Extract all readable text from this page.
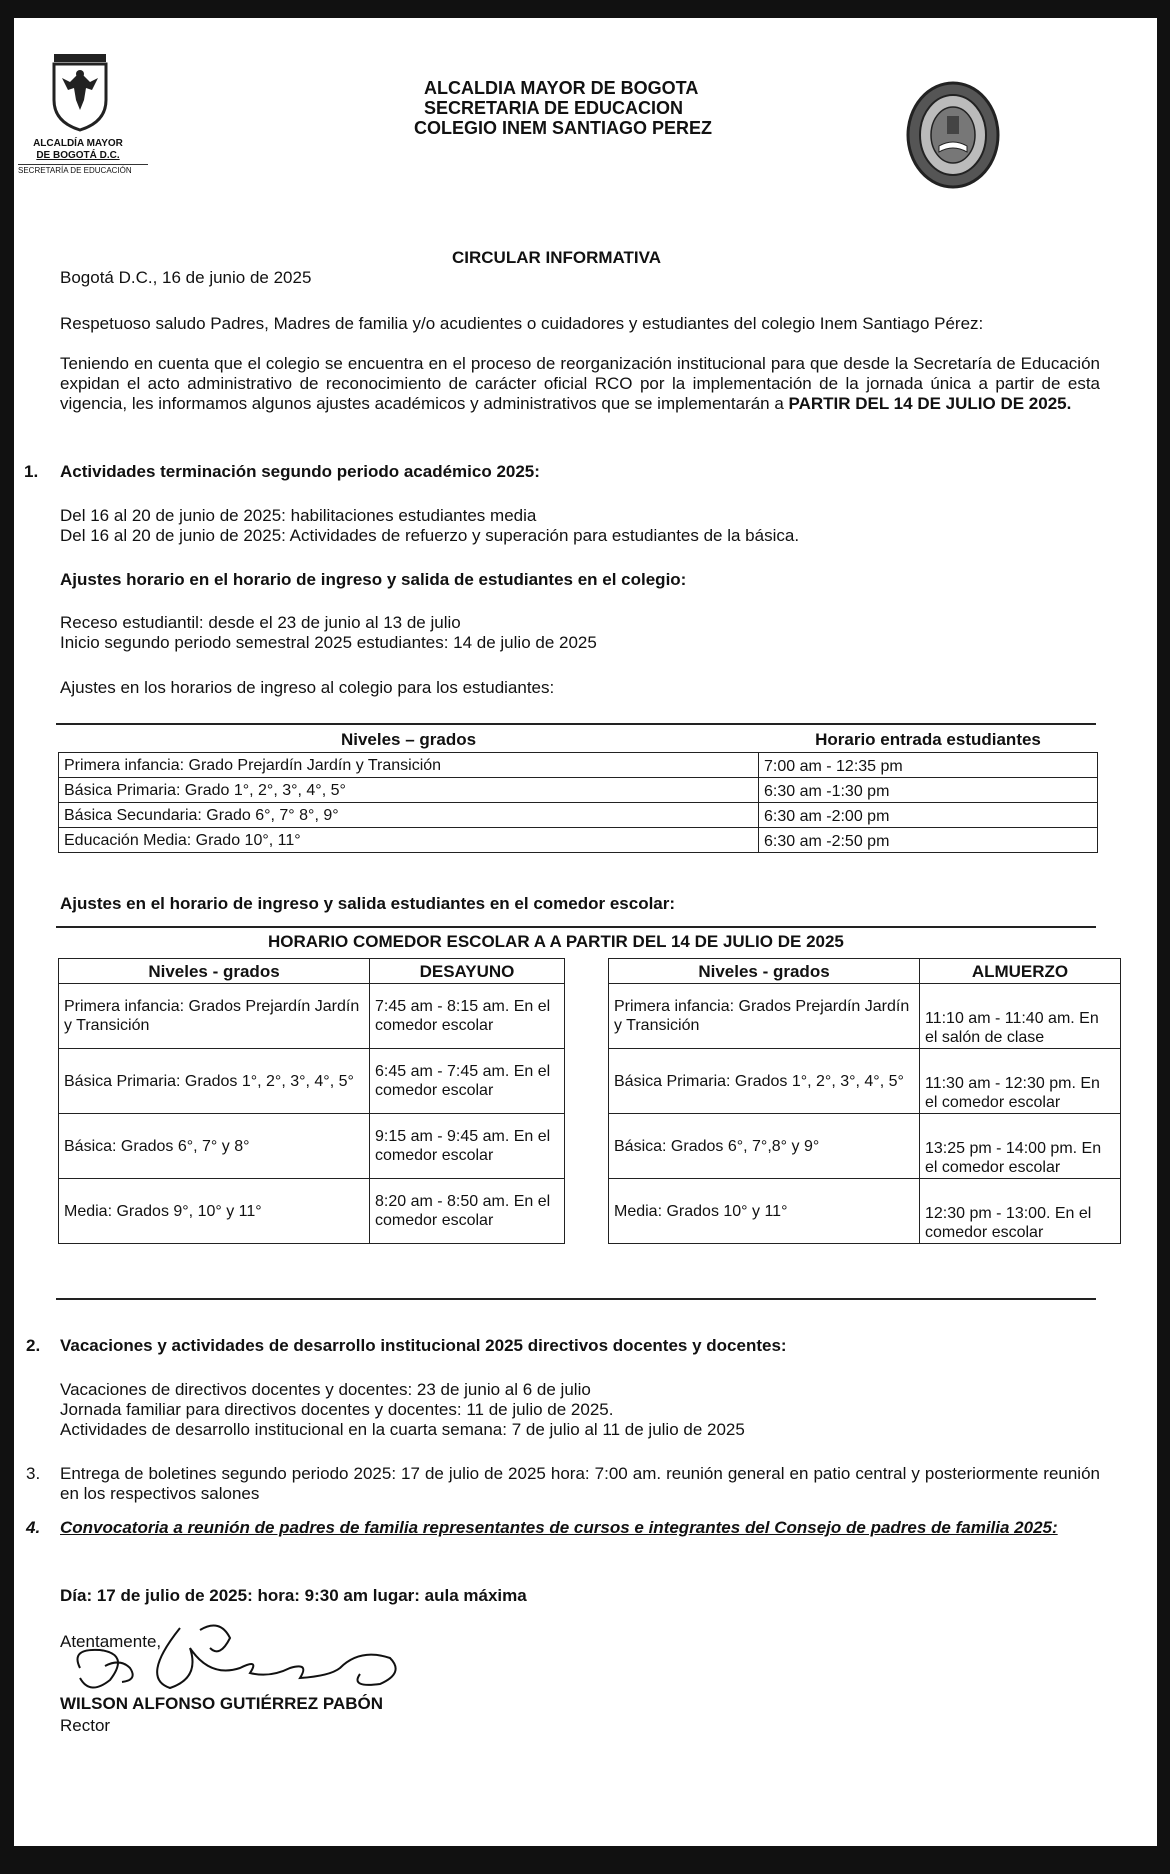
ALCALDÍA MAYOR
DE BOGOTÁ D.C.
SECRETARÍA DE EDUCACIÓN
ALCALDIA MAYOR DE BOGOTA
SECRETARIA DE EDUCACION
COLEGIO INEM SANTIAGO PEREZ
CIRCULAR INFORMATIVA
Bogotá D.C., 16 de junio de 2025
Respetuoso saludo Padres, Madres de familia y/o acudientes o cuidadores y estudiantes del colegio Inem Santiago Pérez:
Teniendo en cuenta que el colegio se encuentra en el proceso de reorganización institucional para que desde la Secretaría de Educación expidan el acto administrativo de reconocimiento de carácter oficial RCO por la implementación de la jornada única a partir de esta vigencia, les informamos algunos ajustes académicos y administrativos que se implementarán a PARTIR DEL 14 DE JULIO DE 2025.
1. Actividades terminación segundo periodo académico 2025:
Del 16 al 20 de junio de 2025: habilitaciones estudiantes media
Del 16 al 20 de junio de 2025: Actividades de refuerzo y superación para estudiantes de la básica.
Ajustes horario en el horario de ingreso y salida de estudiantes en el colegio:
Receso estudiantil: desde el 23 de junio al 13 de julio
Inicio segundo periodo semestral 2025 estudiantes: 14 de julio de 2025
Ajustes en los horarios de ingreso al colegio para los estudiantes:
Niveles – grados	Horario entrada estudiantes
Primera infancia: Grado Prejardín Jardín y Transición	7:00 am - 12:35 pm
Básica Primaria: Grado 1°, 2°, 3°, 4°, 5°	6:30 am -1:30 pm
Básica Secundaria: Grado 6°, 7° 8°, 9°	6:30 am -2:00 pm
Educación Media: Grado 10°, 11°	6:30 am -2:50 pm
Ajustes en el horario de ingreso y salida estudiantes en el comedor escolar:
HORARIO COMEDOR ESCOLAR A A PARTIR DEL 14 DE JULIO DE 2025
Niveles - grados	DESAYUNO
Primera infancia: Grados Prejardín Jardín y Transición	7:45 am - 8:15 am. En el comedor escolar
Básica Primaria: Grados 1°, 2°, 3°, 4°, 5°	6:45 am - 7:45 am. En el comedor escolar
Básica: Grados 6°, 7° y 8°	9:15 am - 9:45 am. En el comedor escolar
Media: Grados 9°, 10° y 11°	8:20 am - 8:50 am. En el comedor escolar
Niveles - grados	ALMUERZO
Primera infancia: Grados Prejardín Jardín y Transición	11:10 am - 11:40 am. En el salón de clase
Básica Primaria: Grados 1°, 2°, 3°, 4°, 5°	11:30 am - 12:30 pm. En el comedor escolar
Básica: Grados 6°, 7°,8° y 9°	13:25 pm - 14:00 pm. En el comedor escolar
Media: Grados 10° y 11°	12:30 pm - 13:00. En el comedor escolar
2. Vacaciones y actividades de desarrollo institucional 2025 directivos docentes y docentes:
Vacaciones de directivos docentes y docentes: 23 de junio al 6 de julio
Jornada familiar para directivos docentes y docentes: 11 de julio de 2025.
Actividades de desarrollo institucional en la cuarta semana: 7 de julio al 11 de julio de 2025
3. Entrega de boletines segundo periodo 2025: 17 de julio de 2025 hora: 7:00 am. reunión general en patio central y posteriormente reunión en los respectivos salones
4. Convocatoria a reunión de padres de familia representantes de cursos e integrantes del Consejo de padres de familia 2025:
Día: 17 de julio de 2025: hora: 9:30 am lugar: aula máxima
Atentamente,
WILSON ALFONSO GUTIÉRREZ PABÓN
Rector
